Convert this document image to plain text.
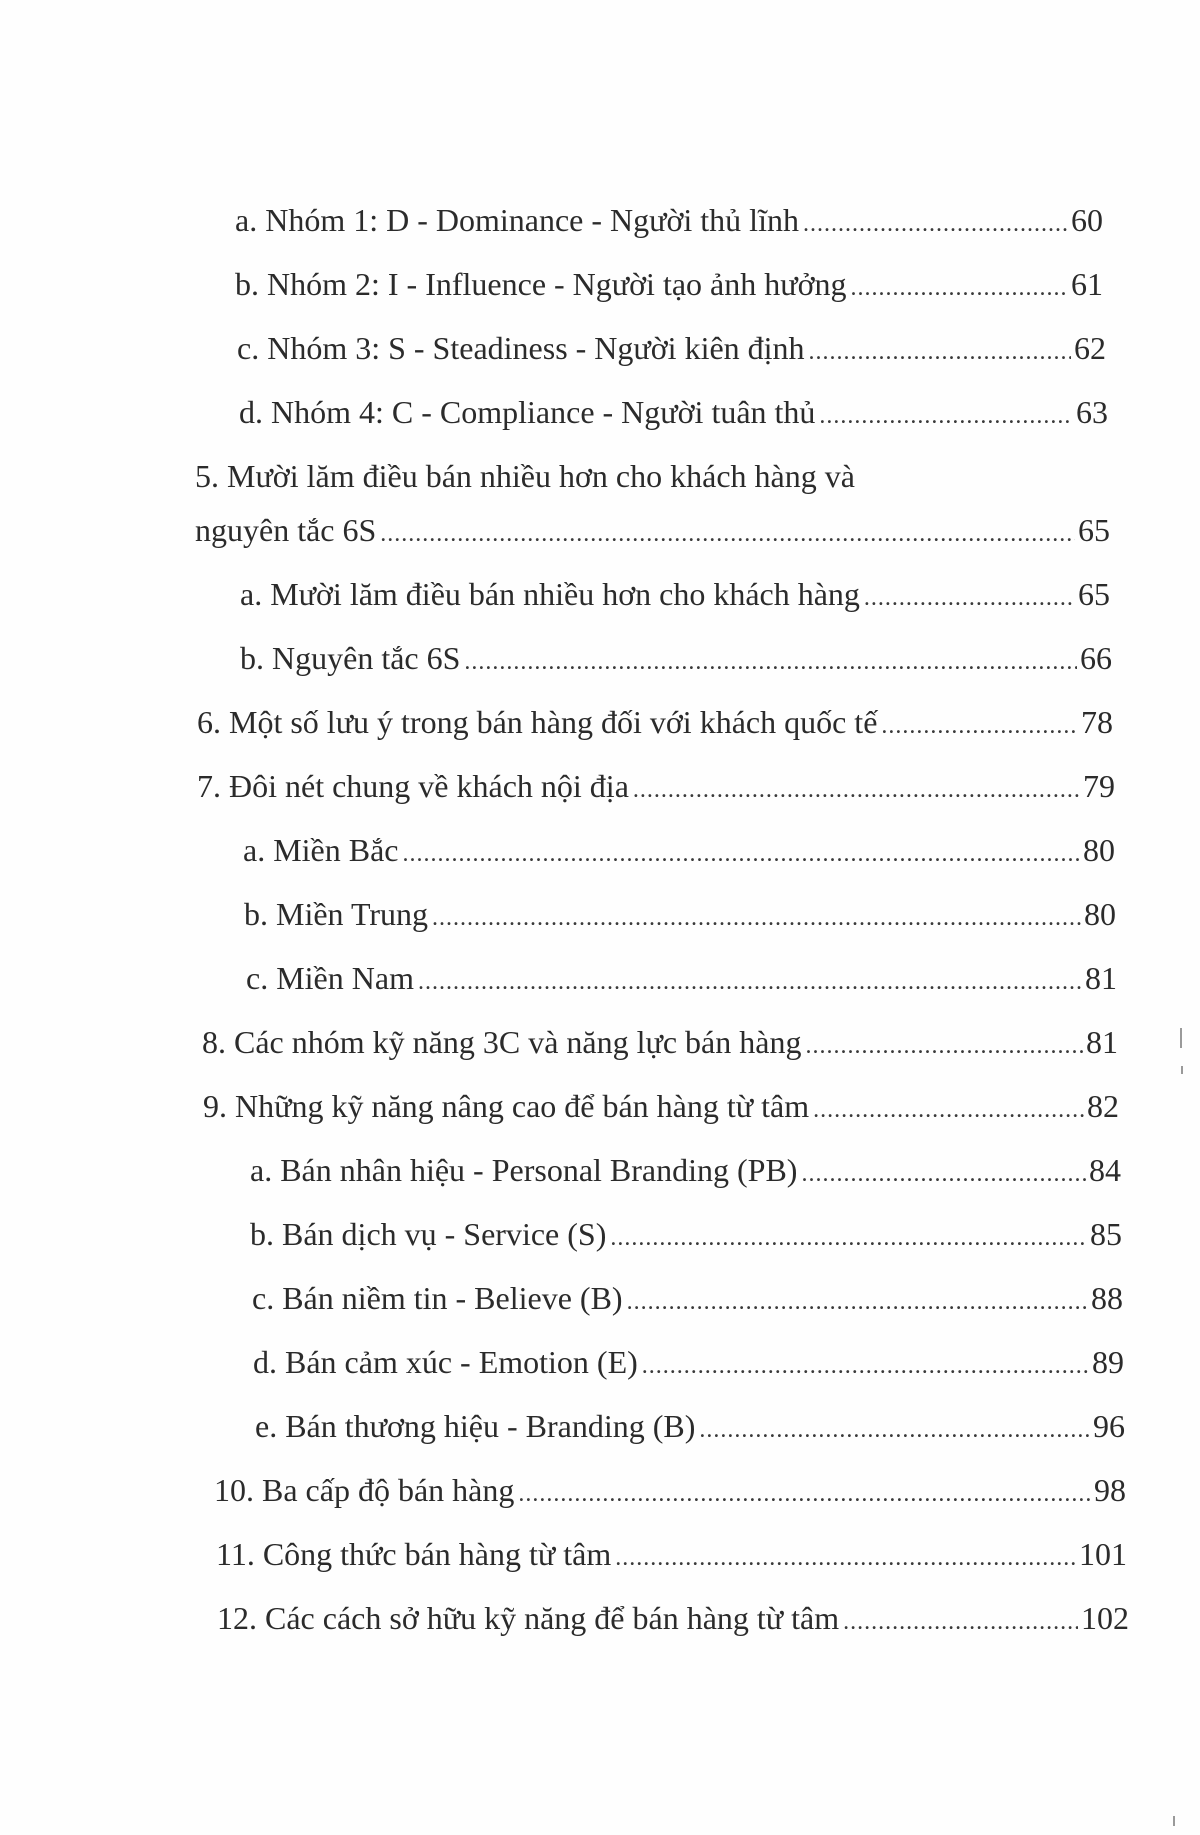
a. Nhóm 1: D - Dominance - Người thủ lĩnh .....	60
b. Nhóm 2: I - Influence - Người tạo ảnh hưởng .....	61
c. Nhóm 3: S - Steadiness - Người kiên định .....	62
d. Nhóm 4: C - Compliance - Người tuân thủ .....	63
5. Mười lăm điều bán nhiều hơn cho khách hàng và
nguyên tắc 6S .....	65
a. Mười lăm điều bán nhiều hơn cho khách hàng .....	65
b. Nguyên tắc 6S .....	66
6. Một số lưu ý trong bán hàng đối với khách quốc tế .....	78
7. Đôi nét chung về khách nội địa .....	79
a. Miền Bắc .....	80
b. Miền Trung .....	80
c. Miền Nam .....	81
8. Các nhóm kỹ năng 3C và năng lực bán hàng .....	81
9. Những kỹ năng nâng cao để bán hàng từ tâm .....	82
a. Bán nhân hiệu - Personal Branding (PB) .....	84
b. Bán dịch vụ - Service (S) .....	85
c. Bán niềm tin - Believe (B) .....	88
d. Bán cảm xúc - Emotion (E) .....	89
e. Bán thương hiệu - Branding (B) .....	96
10. Ba cấp độ bán hàng .....	98
11. Công thức bán hàng từ tâm .....	101
12. Các cách sở hữu kỹ năng để bán hàng từ tâm .....	102
